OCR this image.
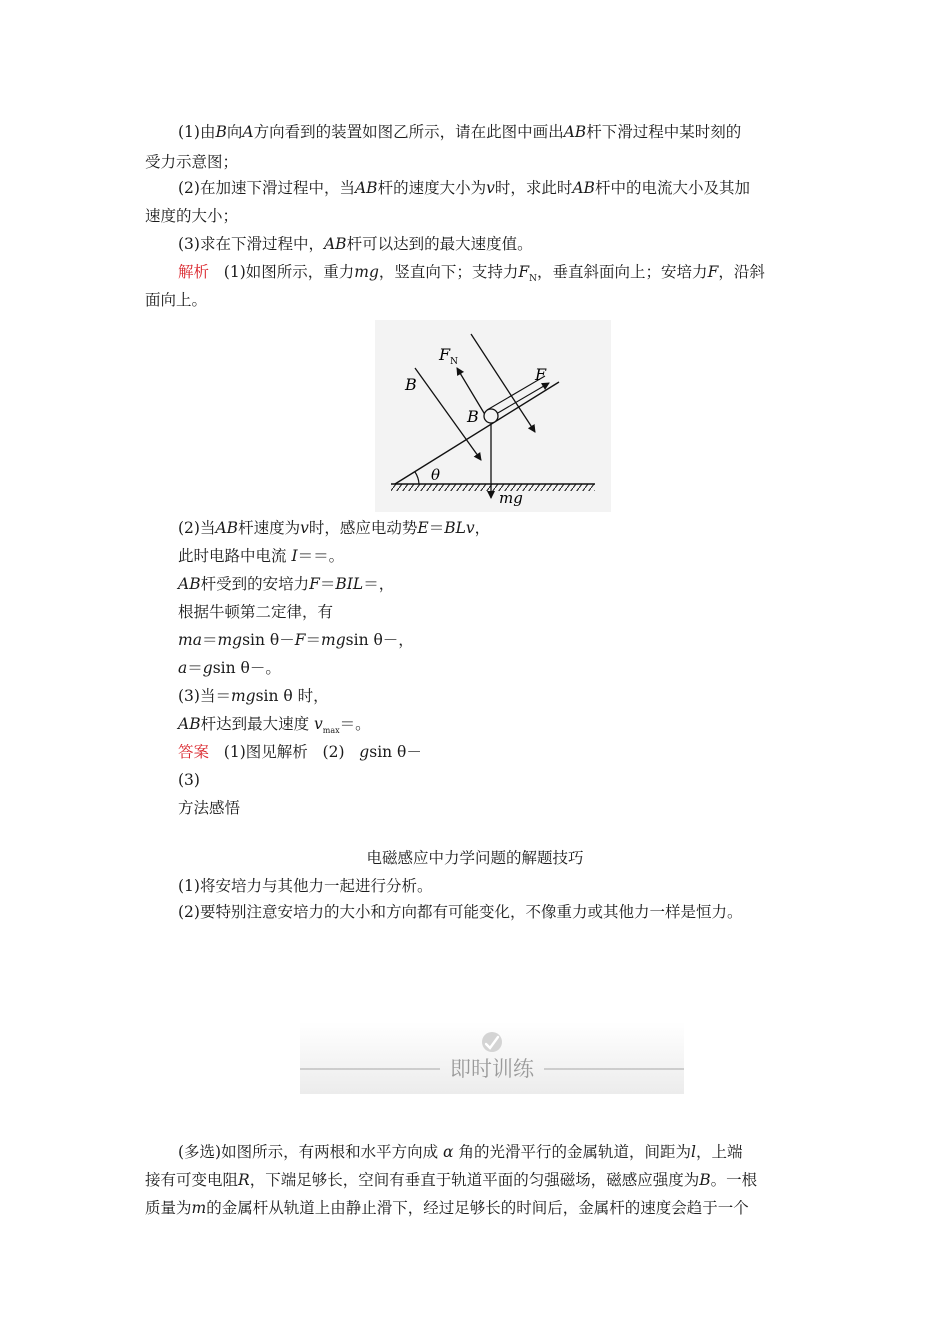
(1)由B向A方向看到的装置如图乙所示，请在此图中画出AB杆下滑过程中某时刻的
受力示意图；
(2)在加速下滑过程中，当AB杆的速度大小为v时，求此时AB杆中的电流大小及其加
速度的大小；
(3)求在下滑过程中，AB杆可以达到的最大速度值。
解析 (1)如图所示，重力mg，竖直向下；支持力$F_N$，垂直斜面向上；安培力F，沿斜
面向上。
θ
$F_N$
F
B
B
mg
(2)当AB杆速度为v时，感应电动势E＝BLv，
此时电路中电流 I＝＝。
AB杆受到的安培力F＝BIL＝，
根据牛顿第二定律，有
ma＝mgsin θ－F＝mgsin θ－，
a＝gsin θ－。
(3)当＝mgsin θ 时，
AB杆达到最大速度 $v_{max}=$。
答案 (1)图见解析 (2) gsin θ－
(3)
方法感悟
电磁感应中力学问题的解题技巧
(1)将安培力与其他力一起进行分析。
(2)要特别注意安培力的大小和方向都有可能变化，不像重力或其他力一样是恒力。
即时训练
(多选)如图所示，有两根和水平方向成 α 角的光滑平行的金属轨道，间距为l，上端
接有可变电阻R，下端足够长，空间有垂直于轨道平面的匀强磁场，磁感应强度为B。一根
质量为m的金属杆从轨道上由静止滑下，经过足够长的时间后，金属杆的速度会趋于一个
